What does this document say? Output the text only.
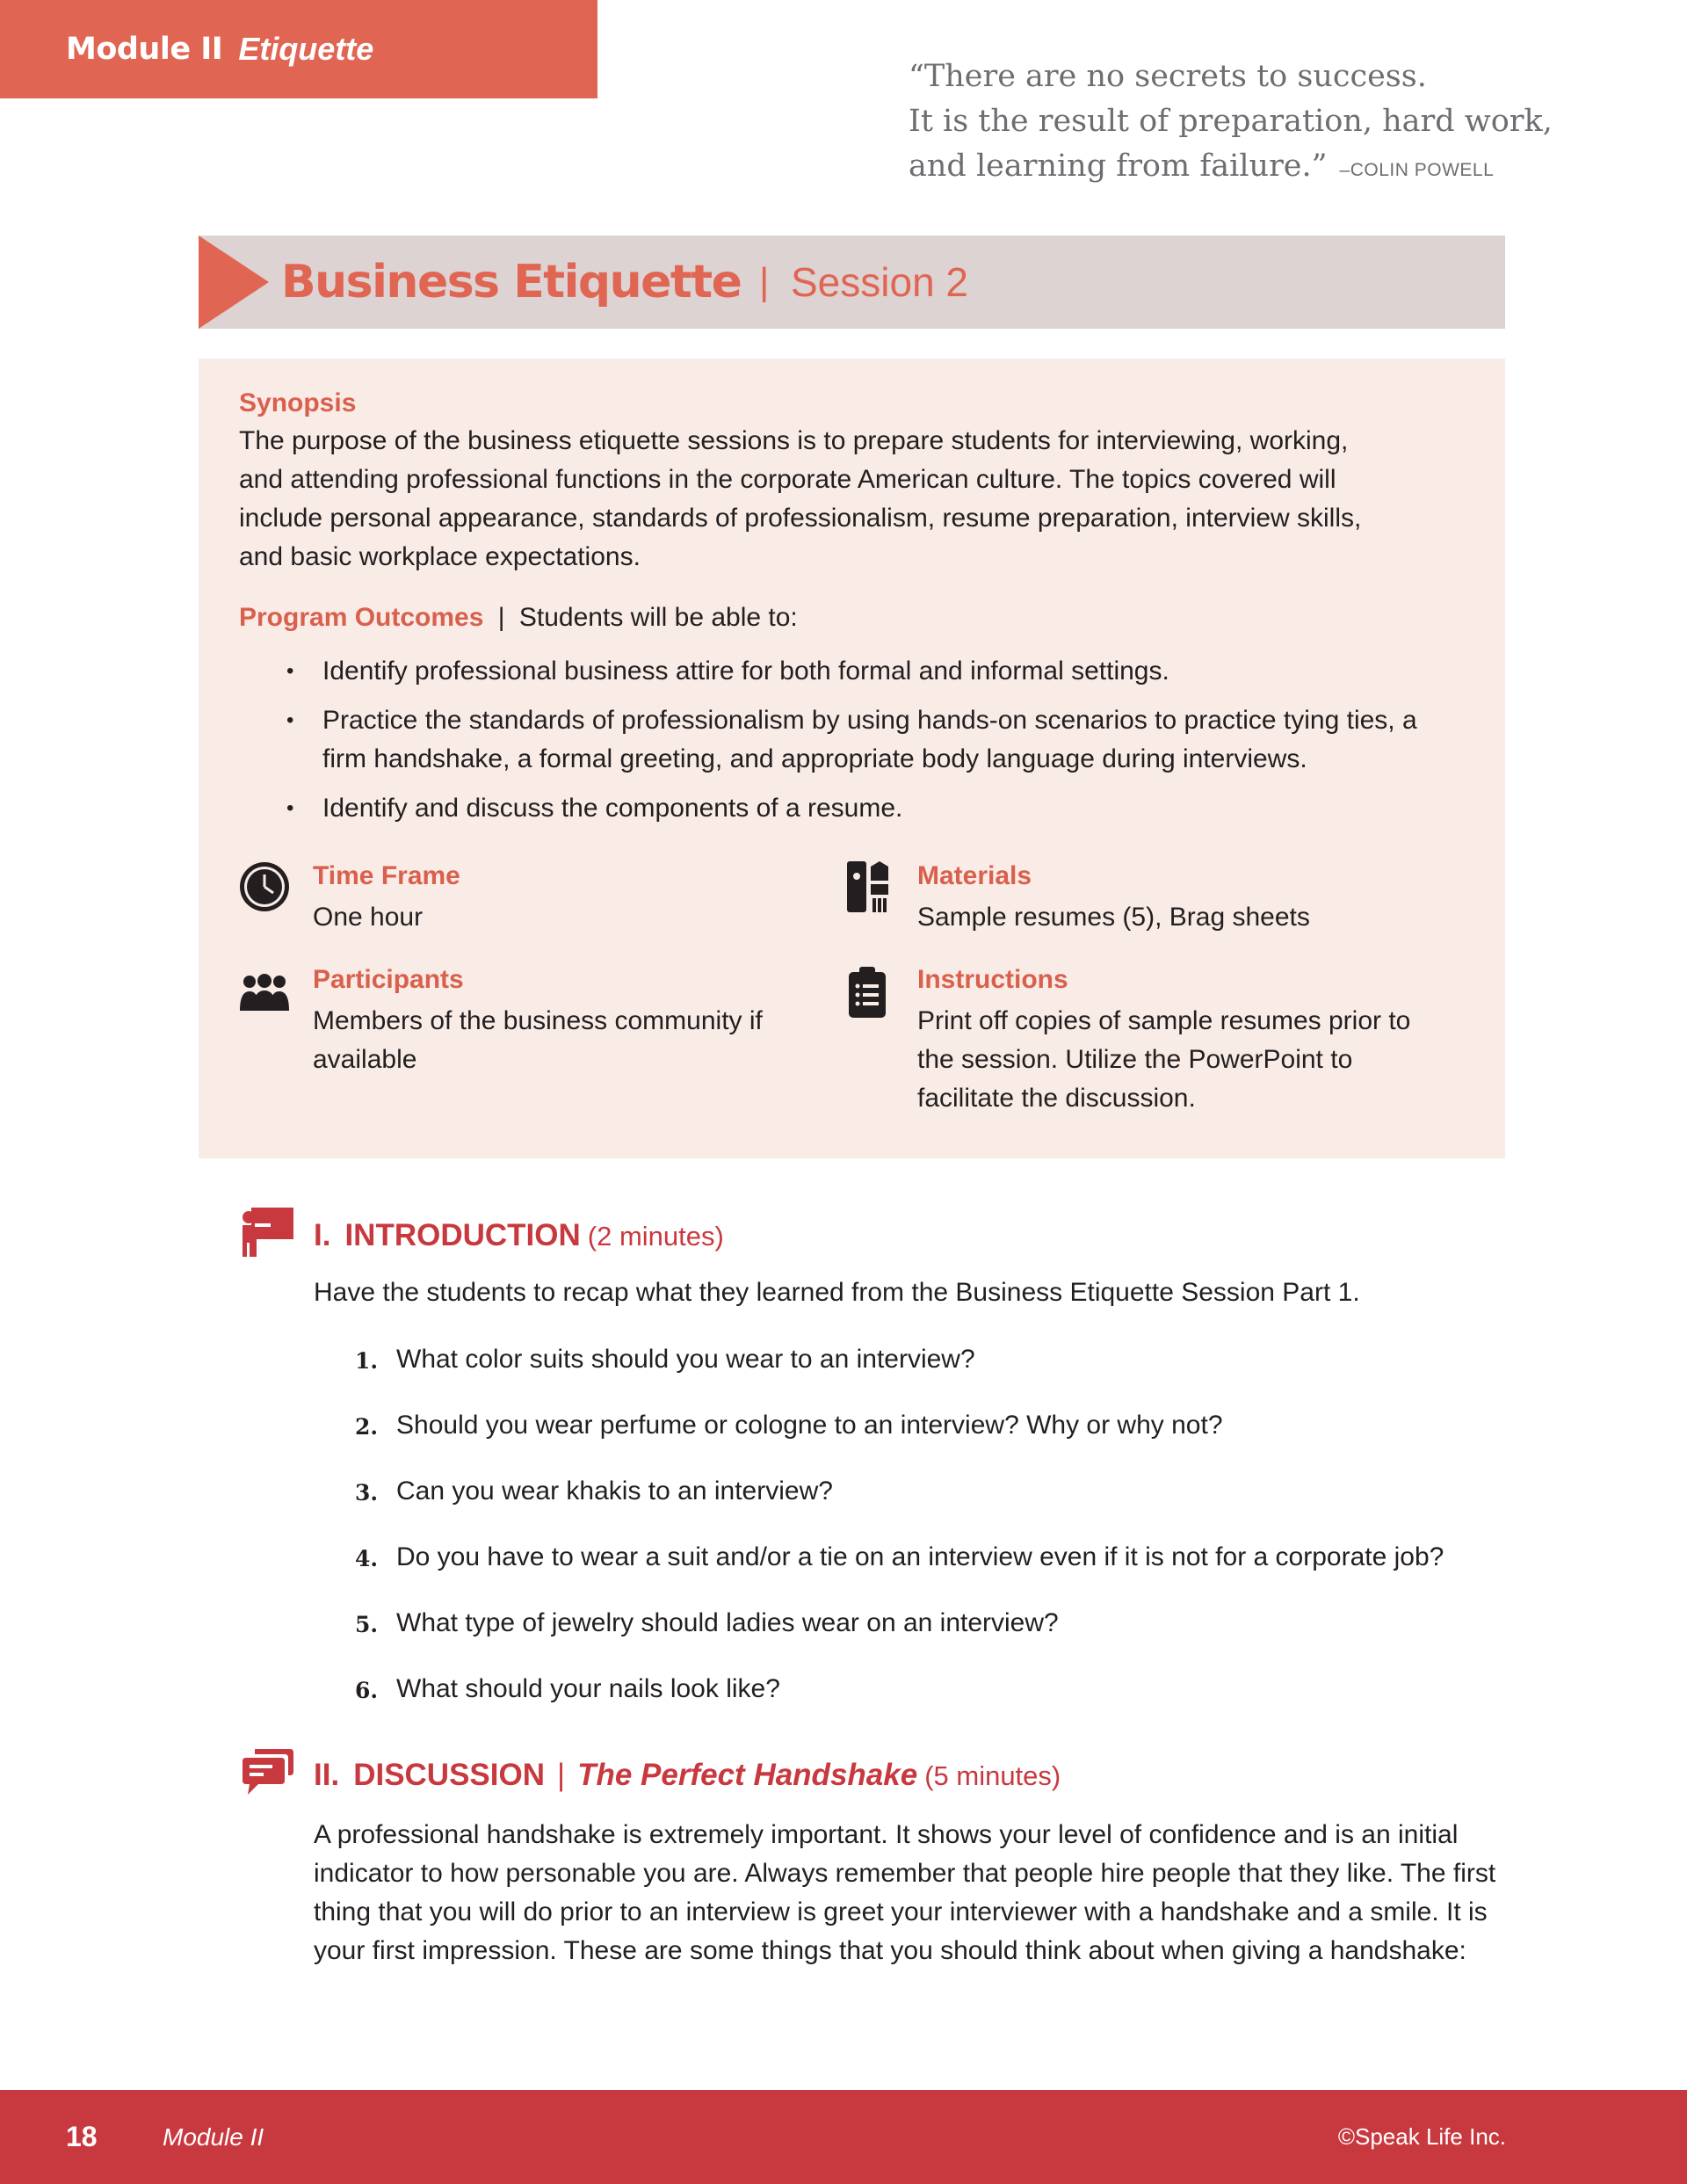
Module II Etiquette
“There are no secrets to success.
It is the result of preparation, hard work,
and learning from failure.” –COLIN POWELL
Business Etiquette | Session 2
Synopsis
The purpose of the business etiquette sessions is to prepare students for interviewing, working, and attending professional functions in the corporate American culture. The topics covered will include personal appearance, standards of professionalism, resume preparation, interview skills, and basic workplace expectations.
Program Outcomes | Students will be able to:
• Identify professional business attire for both formal and informal settings.
• Practice the standards of professionalism by using hands-on scenarios to practice tying ties, a firm handshake, a formal greeting, and appropriate body language during interviews.
• Identify and discuss the components of a resume.
Time Frame
One hour
Participants
Members of the business community if available
Materials
Sample resumes (5), Brag sheets
Instructions
Print off copies of sample resumes prior to the session. Utilize the PowerPoint to facilitate the discussion.
I. INTRODUCTION (2 minutes)
Have the students to recap what they learned from the Business Etiquette Session Part 1.
1. What color suits should you wear to an interview?
2. Should you wear perfume or cologne to an interview? Why or why not?
3. Can you wear khakis to an interview?
4. Do you have to wear a suit and/or a tie on an interview even if it is not for a corporate job?
5. What type of jewelry should ladies wear on an interview?
6. What should your nails look like?
II. DISCUSSION | The Perfect Handshake (5 minutes)
A professional handshake is extremely important. It shows your level of confidence and is an initial indicator to how personable you are. Always remember that people hire people that they like. The first thing that you will do prior to an interview is greet your interviewer with a handshake and a smile. It is your first impression. These are some things that you should think about when giving a handshake:
18	Module II	©Speak Life Inc.
